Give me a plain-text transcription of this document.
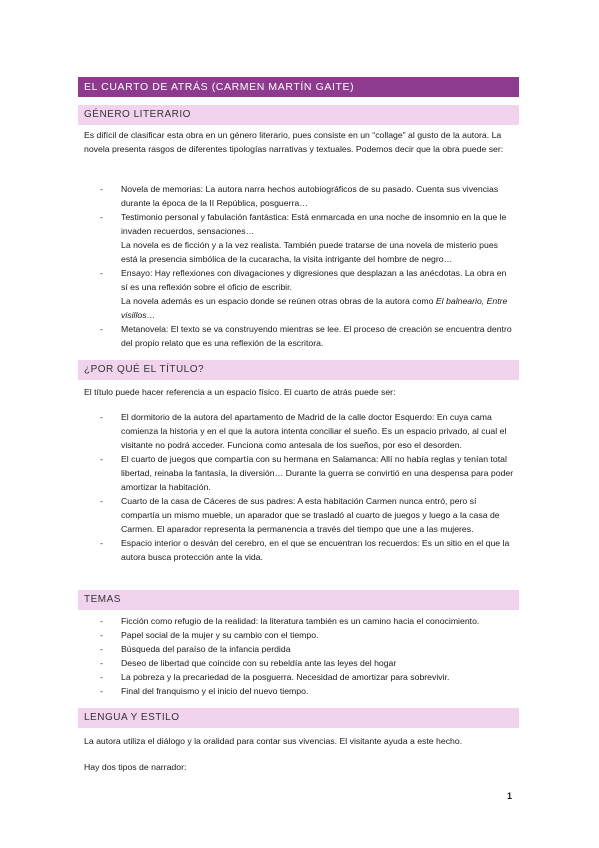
EL CUARTO DE ATRÁS (CARMEN MARTÍN GAITE)
GÉNERO LITERARIO
Es difícil de clasificar esta obra en un género literario, pues consiste en un “collage” al gusto de la autora. La novela presenta rasgos de diferentes tipologías narrativas y textuales. Podemos decir que la obra puede ser:
- Novela de memorias: La autora narra hechos autobiográficos de su pasado. Cuenta sus vivencias durante la época de la II República, posguerra…
- Testimonio personal y fabulación fantástica: Está enmarcada en una noche de insomnio en la que le invaden recuerdos, sensaciones…
La novela es de ficción y a la vez realista. También puede tratarse de una novela de misterio pues está la presencia simbólica de la cucaracha, la visita intrigante del hombre de negro…
- Ensayo: Hay reflexiones con divagaciones y digresiones que desplazan a las anécdotas. La obra en sí es una reflexión sobre el oficio de escribir.
La novela además es un espacio donde se reúnen otras obras de la autora como El balneario, Entre visillos…
- Metanovela: El texto se va construyendo mientras se lee. El proceso de creación se encuentra dentro del propio relato que es una reflexión de la escritora.
¿POR QUÉ EL TÍTULO?
El título puede hacer referencia a un espacio físico. El cuarto de atrás puede ser:
- El dormitorio de la autora del apartamento de Madrid de la calle doctor Esquerdo: En cuya cama comienza la historia y en el que la autora intenta conciliar el sueño. Es un espacio privado, al cual el visitante no podrá acceder. Funciona como antesala de los sueños, por eso el desorden.
- El cuarto de juegos que compartía con su hermana en Salamanca: Allí no había reglas y tenían total libertad, reinaba la fantasía, la diversión… Durante la guerra se convirtió en una despensa para poder amortizar la habitación.
- Cuarto de la casa de Cáceres de sus padres: A esta habitación Carmen nunca entró, pero sí compartía un mismo mueble, un aparador que se trasladó al cuarto de juegos y luego a la casa de Carmen. El aparador representa la permanencia a través del tiempo que une a las mujeres.
- Espacio interior o desván del cerebro, en el que se encuentran los recuerdos: Es un sitio en el que la autora busca protección ante la vida.
TEMAS
- Ficción como refugio de la realidad: la literatura también es un camino hacia el conocimiento.
- Papel social de la mujer y su cambio con el tiempo.
- Búsqueda del paraíso de la infancia perdida
- Deseo de libertad que coincide con su rebeldía ante las leyes del hogar
- La pobreza y la precariedad de la posguerra. Necesidad de amortizar para sobrevivir.
- Final del franquismo y el inicio del nuevo tiempo.
LENGUA Y ESTILO
La autora utiliza el diálogo y la oralidad para contar sus vivencias. El visitante ayuda a este hecho.
Hay dos tipos de narrador:
1
